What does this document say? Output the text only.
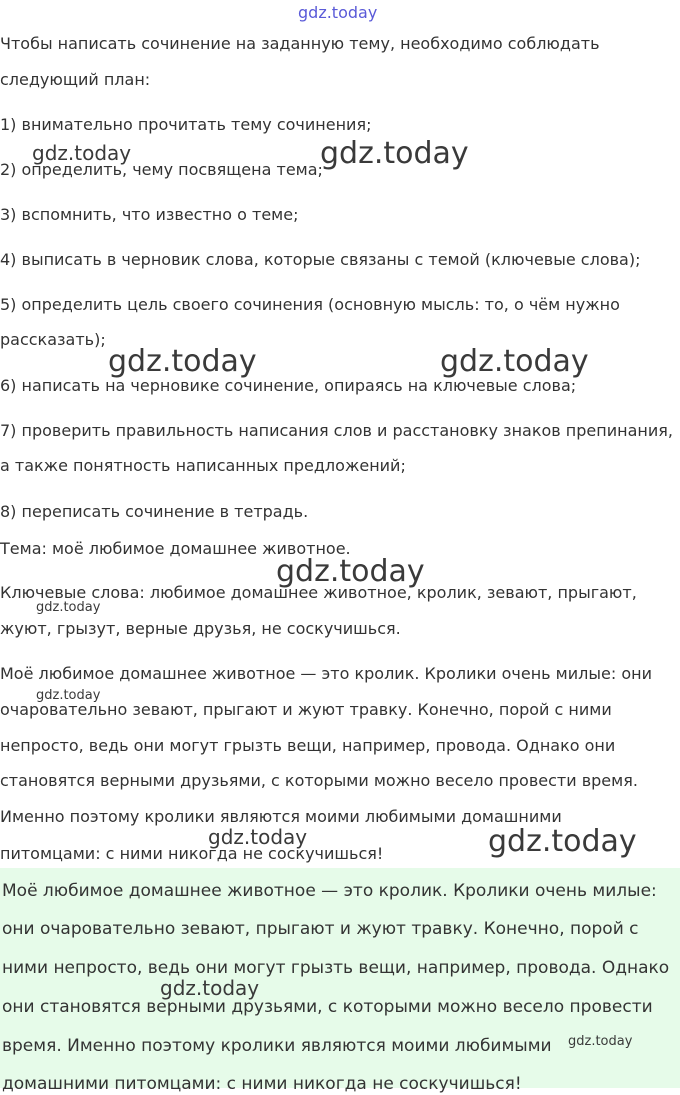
gdz.today
Чтобы написать сочинение на заданную тему, необходимо соблюдать
следующий план:
1) внимательно прочитать тему сочинения;
2) определить, чему посвящена тема;
3) вспомнить, что известно о теме;
4) выписать в черновик слова, которые связаны с темой (ключевые слова);
5) определить цель своего сочинения (основную мысль: то, о чём нужно
рассказать);
6) написать на черновике сочинение, опираясь на ключевые слова;
7) проверить правильность написания слов и расстановку знаков препинания,
а также понятность написанных предложений;
8) переписать сочинение в тетрадь.
Тема: моё любимое домашнее животное.
Ключевые слова: любимое домашнее животное, кролик, зевают, прыгают,
жуют, грызут, верные друзья, не соскучишься.
Моё любимое домашнее животное — это кролик. Кролики очень милые: они
очаровательно зевают, прыгают и жуют травку. Конечно, порой с ними
непросто, ведь они могут грызть вещи, например, провода. Однако они
становятся верными друзьями, с которыми можно весело провести время.
Именно поэтому кролики являются моими любимыми домашними
питомцами: с ними никогда не соскучишься!
Моё любимое домашнее животное — это кролик. Кролики очень милые:
они очаровательно зевают, прыгают и жуют травку. Конечно, порой с
ними непросто, ведь они могут грызть вещи, например, провода. Однако
они становятся верными друзьями, с которыми можно весело провести
время. Именно поэтому кролики являются моими любимыми
домашними питомцами: с ними никогда не соскучишься!
gdz.today	gdz.today
gdz.today	gdz.today
gdz.today
gdz.today
gdz.today
gdz.today	gdz.today
gdz.today
gdz.today
